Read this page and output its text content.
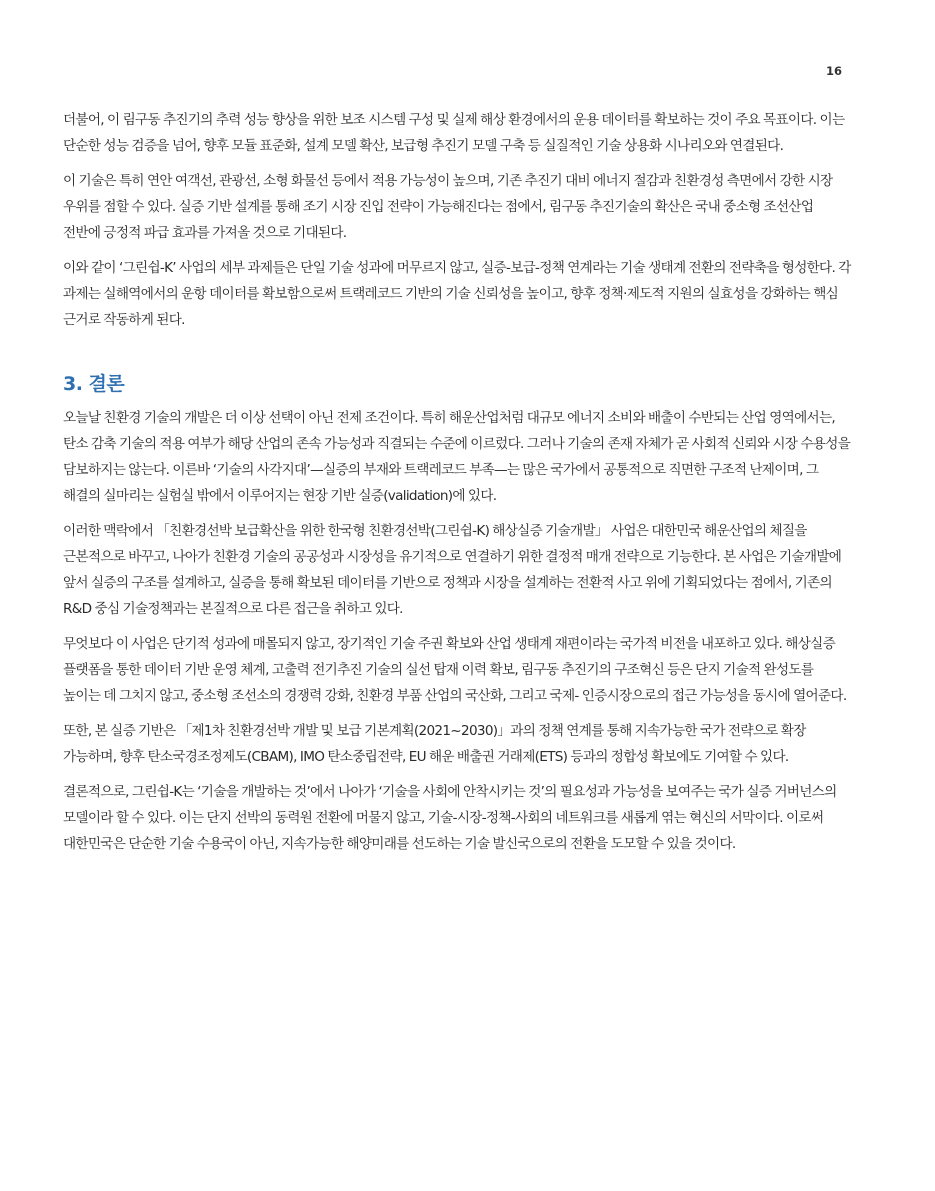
16

더불어, 이 림구동 추진기의 추력 성능 향상을 위한 보조 시스템 구성 및 실제 해상 환경에서의 운용 데이터를 확보하는 것이 주요 목표이다. 이는 단순한 성능 검증을 넘어, 향후 모듈 표준화, 설계 모델 확산, 보급형 추진기 모델 구축 등 실질적인 기술 상용화 시나리오와 연결된다.

이 기술은 특히 연안 여객선, 관광선, 소형 화물선 등에서 적용 가능성이 높으며, 기존 추진기 대비 에너지 절감과 친환경성 측면에서 강한 시장 우위를 점할 수 있다. 실증 기반 설계를 통해 조기 시장 진입 전략이 가능해진다는 점에서, 림구동 추진기술의 확산은 국내 중소형 조선산업 전반에 긍정적 파급 효과를 가져올 것으로 기대된다.

이와 같이 ‘그린쉽-K’ 사업의 세부 과제들은 단일 기술 성과에 머무르지 않고, 실증-보급-정책 연계라는 기술 생태계 전환의 전략축을 형성한다. 각 과제는 실해역에서의 운항 데이터를 확보함으로써 트랙레코드 기반의 기술 신뢰성을 높이고, 향후 정책·제도적 지원의 실효성을 강화하는 핵심 근거로 작동하게 된다.

3. 결론

오늘날 친환경 기술의 개발은 더 이상 선택이 아닌 전제 조건이다. 특히 해운산업처럼 대규모 에너지 소비와 배출이 수반되는 산업 영역에서는, 탄소 감축 기술의 적용 여부가 해당 산업의 존속 가능성과 직결되는 수준에 이르렀다. 그러나 기술의 존재 자체가 곧 사회적 신뢰와 시장 수용성을 담보하지는 않는다. 이른바 ‘기술의 사각지대’—실증의 부재와 트랙레코드 부족—는 많은 국가에서 공통적으로 직면한 구조적 난제이며, 그 해결의 실마리는 실험실 밖에서 이루어지는 현장 기반 실증(validation)에 있다.

이러한 맥락에서 「친환경선박 보급확산을 위한 한국형 친환경선박(그린쉽-K) 해상실증 기술개발」 사업은 대한민국 해운산업의 체질을 근본적으로 바꾸고, 나아가 친환경 기술의 공공성과 시장성을 유기적으로 연결하기 위한 결정적 매개 전략으로 기능한다. 본 사업은 기술개발에 앞서 실증의 구조를 설계하고, 실증을 통해 확보된 데이터를 기반으로 정책과 시장을 설계하는 전환적 사고 위에 기획되었다는 점에서, 기존의 R&D 중심 기술정책과는 본질적으로 다른 접근을 취하고 있다.

무엇보다 이 사업은 단기적 성과에 매몰되지 않고, 장기적인 기술 주권 확보와 산업 생태계 재편이라는 국가적 비전을 내포하고 있다. 해상실증 플랫폼을 통한 데이터 기반 운영 체계, 고출력 전기추진 기술의 실선 탑재 이력 확보, 림구동 추진기의 구조혁신 등은 단지 기술적 완성도를 높이는 데 그치지 않고, 중소형 조선소의 경쟁력 강화, 친환경 부품 산업의 국산화, 그리고 국제- 인증시장으로의 접근 가능성을 동시에 열어준다.

또한, 본 실증 기반은 「제1차 친환경선박 개발 및 보급 기본계획(2021~2030)」과의 정책 연계를 통해 지속가능한 국가 전략으로 확장 가능하며, 향후 탄소국경조정제도(CBAM), IMO 탄소중립전략, EU 해운 배출권 거래제(ETS) 등과의 정합성 확보에도 기여할 수 있다.

결론적으로, 그린쉽-K는 ‘기술을 개발하는 것’에서 나아가 ‘기술을 사회에 안착시키는 것’의 필요성과 가능성을 보여주는 국가 실증 거버넌스의 모델이라 할 수 있다. 이는 단지 선박의 동력원 전환에 머물지 않고, 기술-시장-정책-사회의 네트워크를 새롭게 엮는 혁신의 서막이다. 이로써 대한민국은 단순한 기술 수용국이 아닌, 지속가능한 해양미래를 선도하는 기술 발신국으로의 전환을 도모할 수 있을 것이다.
